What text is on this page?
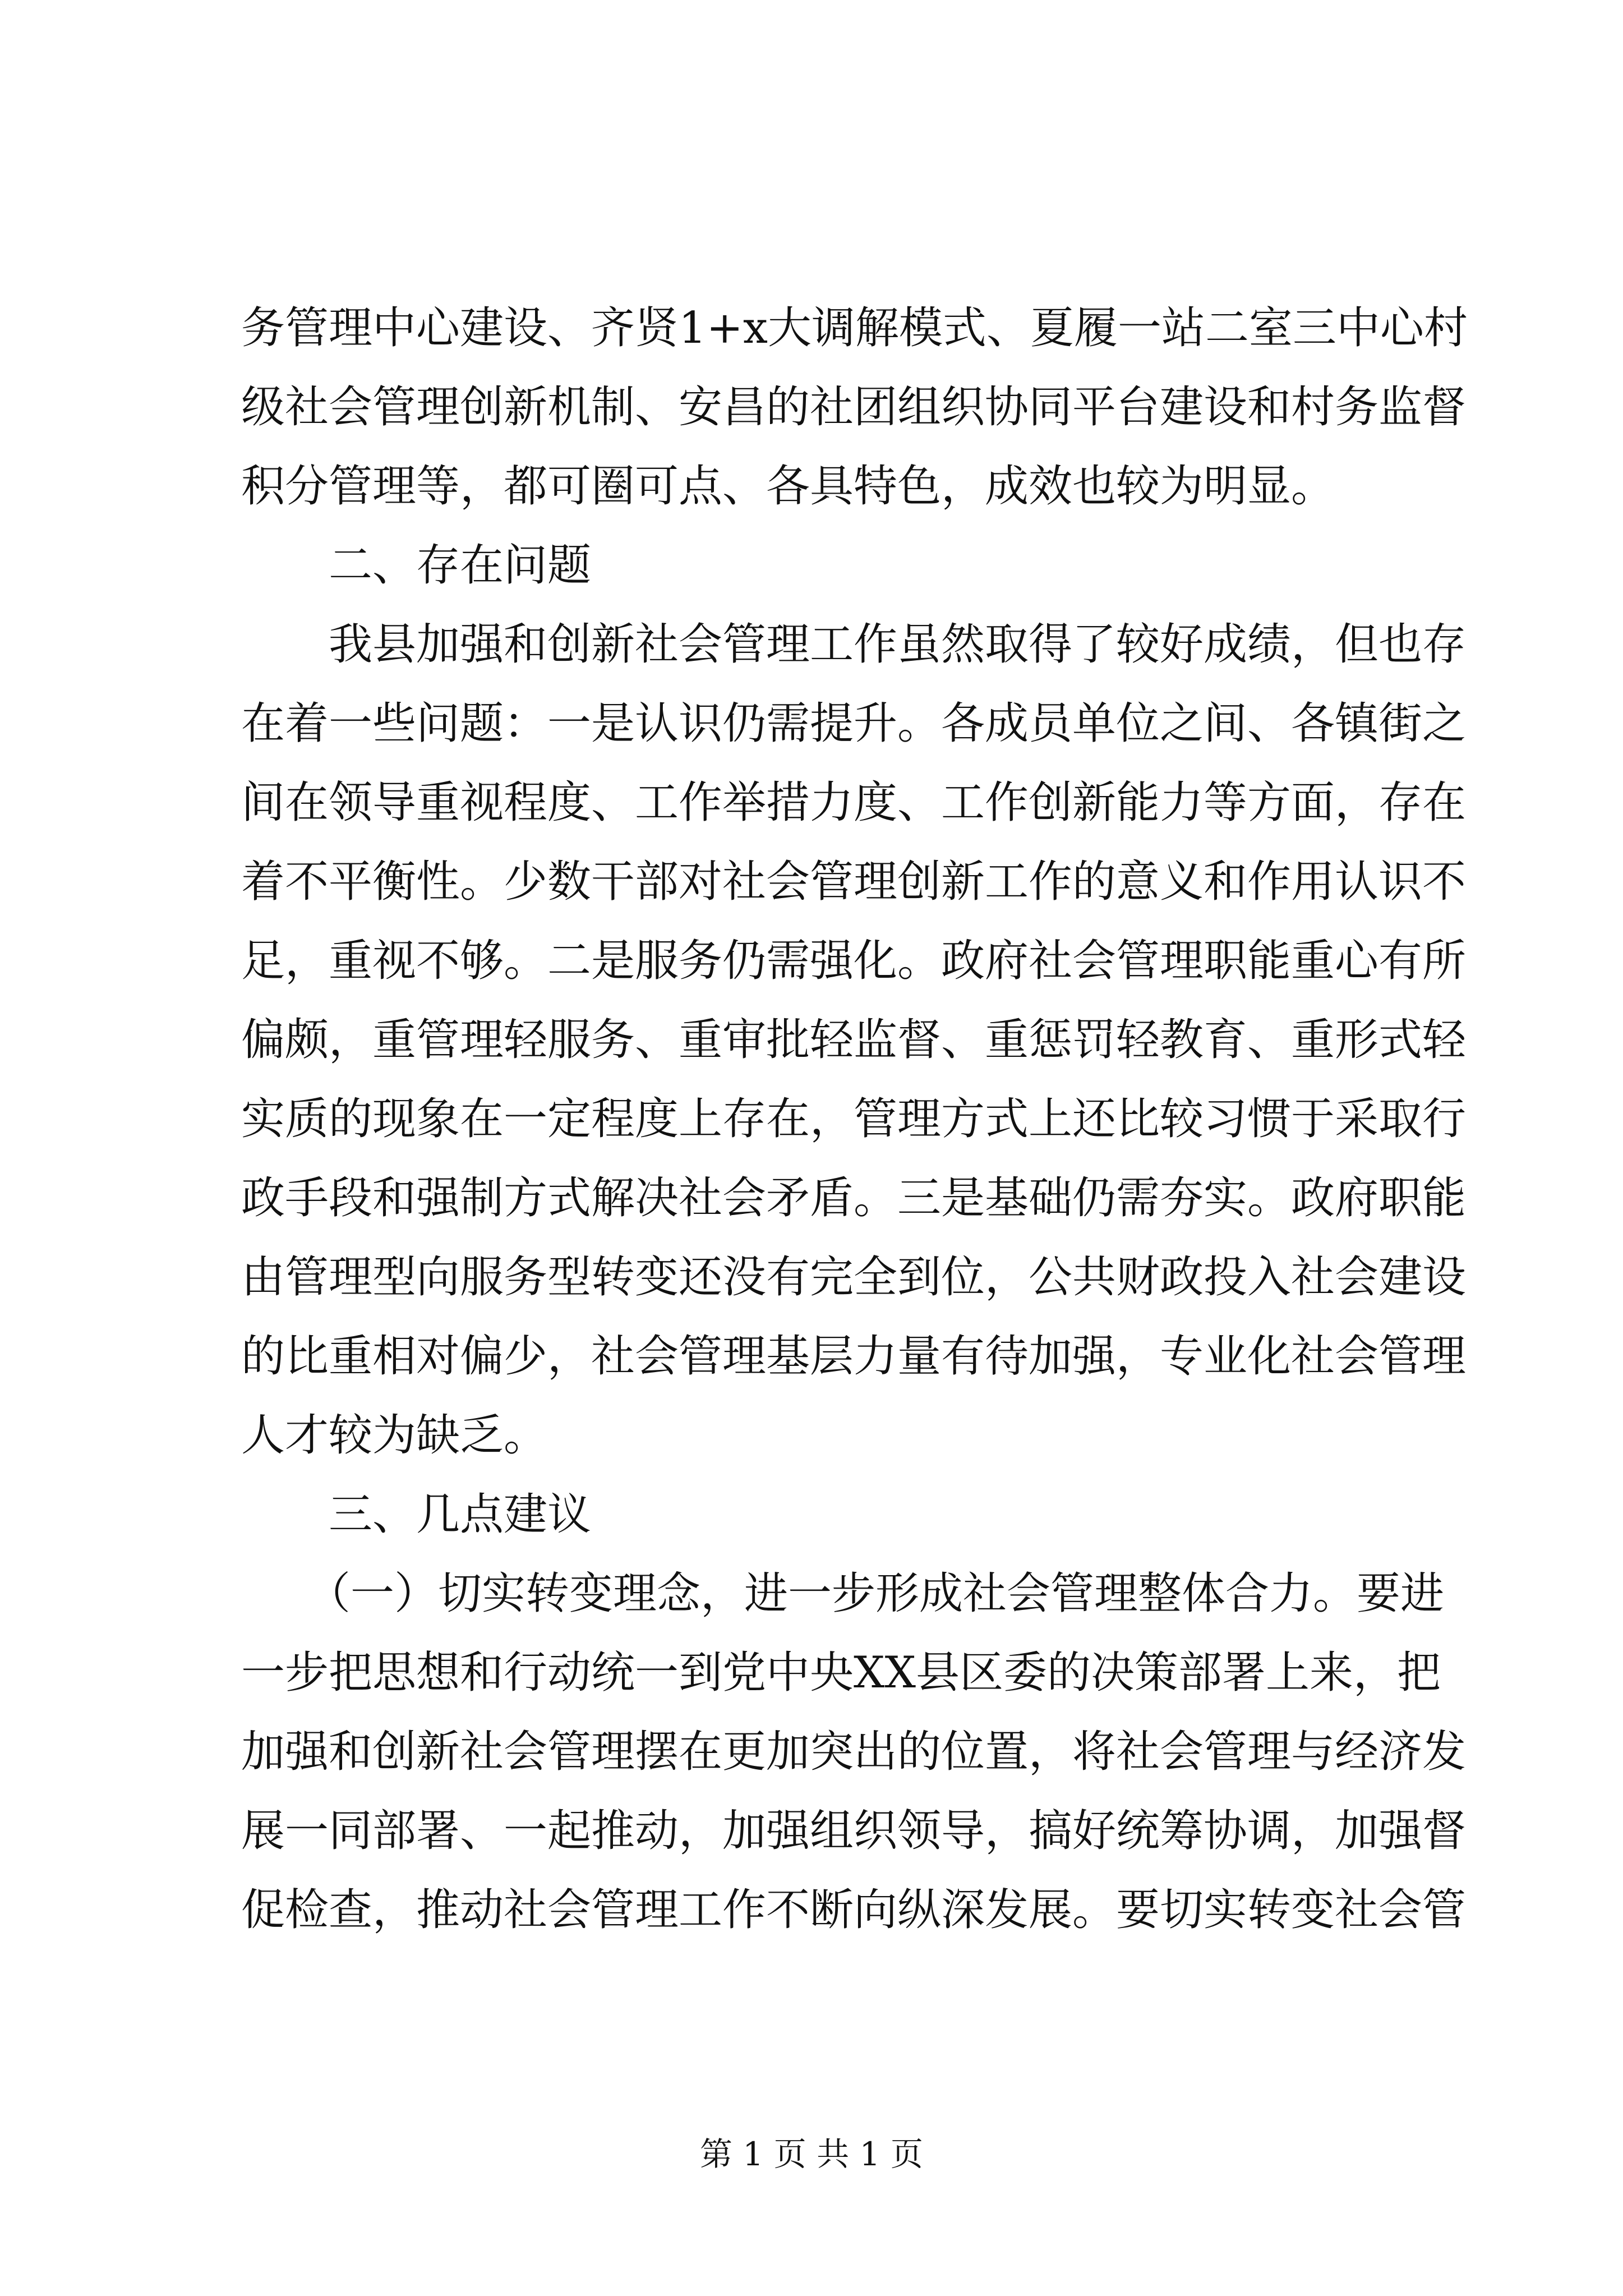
务管理中心建设、齐贤1+x大调解模式、夏履一站二室三中心村
级社会管理创新机制、安昌的社团组织协同平台建设和村务监督
积分管理等，都可圈可点、各具特色，成效也较为明显。
　　二、存在问题
　　我县加强和创新社会管理工作虽然取得了较好成绩，但也存
在着一些问题：一是认识仍需提升。各成员单位之间、各镇街之
间在领导重视程度、工作举措力度、工作创新能力等方面，存在
着不平衡性。少数干部对社会管理创新工作的意义和作用认识不
足，重视不够。二是服务仍需强化。政府社会管理职能重心有所
偏颇，重管理轻服务、重审批轻监督、重惩罚轻教育、重形式轻
实质的现象在一定程度上存在，管理方式上还比较习惯于采取行
政手段和强制方式解决社会矛盾。三是基础仍需夯实。政府职能
由管理型向服务型转变还没有完全到位，公共财政投入社会建设
的比重相对偏少，社会管理基层力量有待加强，专业化社会管理
人才较为缺乏。
　　三、几点建议
　　（一）切实转变理念，进一步形成社会管理整体合力。要进
一步把思想和行动统一到党中央XX县区委的决策部署上来，把
加强和创新社会管理摆在更加突出的位置，将社会管理与经济发
展一同部署、一起推动，加强组织领导，搞好统筹协调，加强督
促检查，推动社会管理工作不断向纵深发展。要切实转变社会管
第 1 页 共 1 页
